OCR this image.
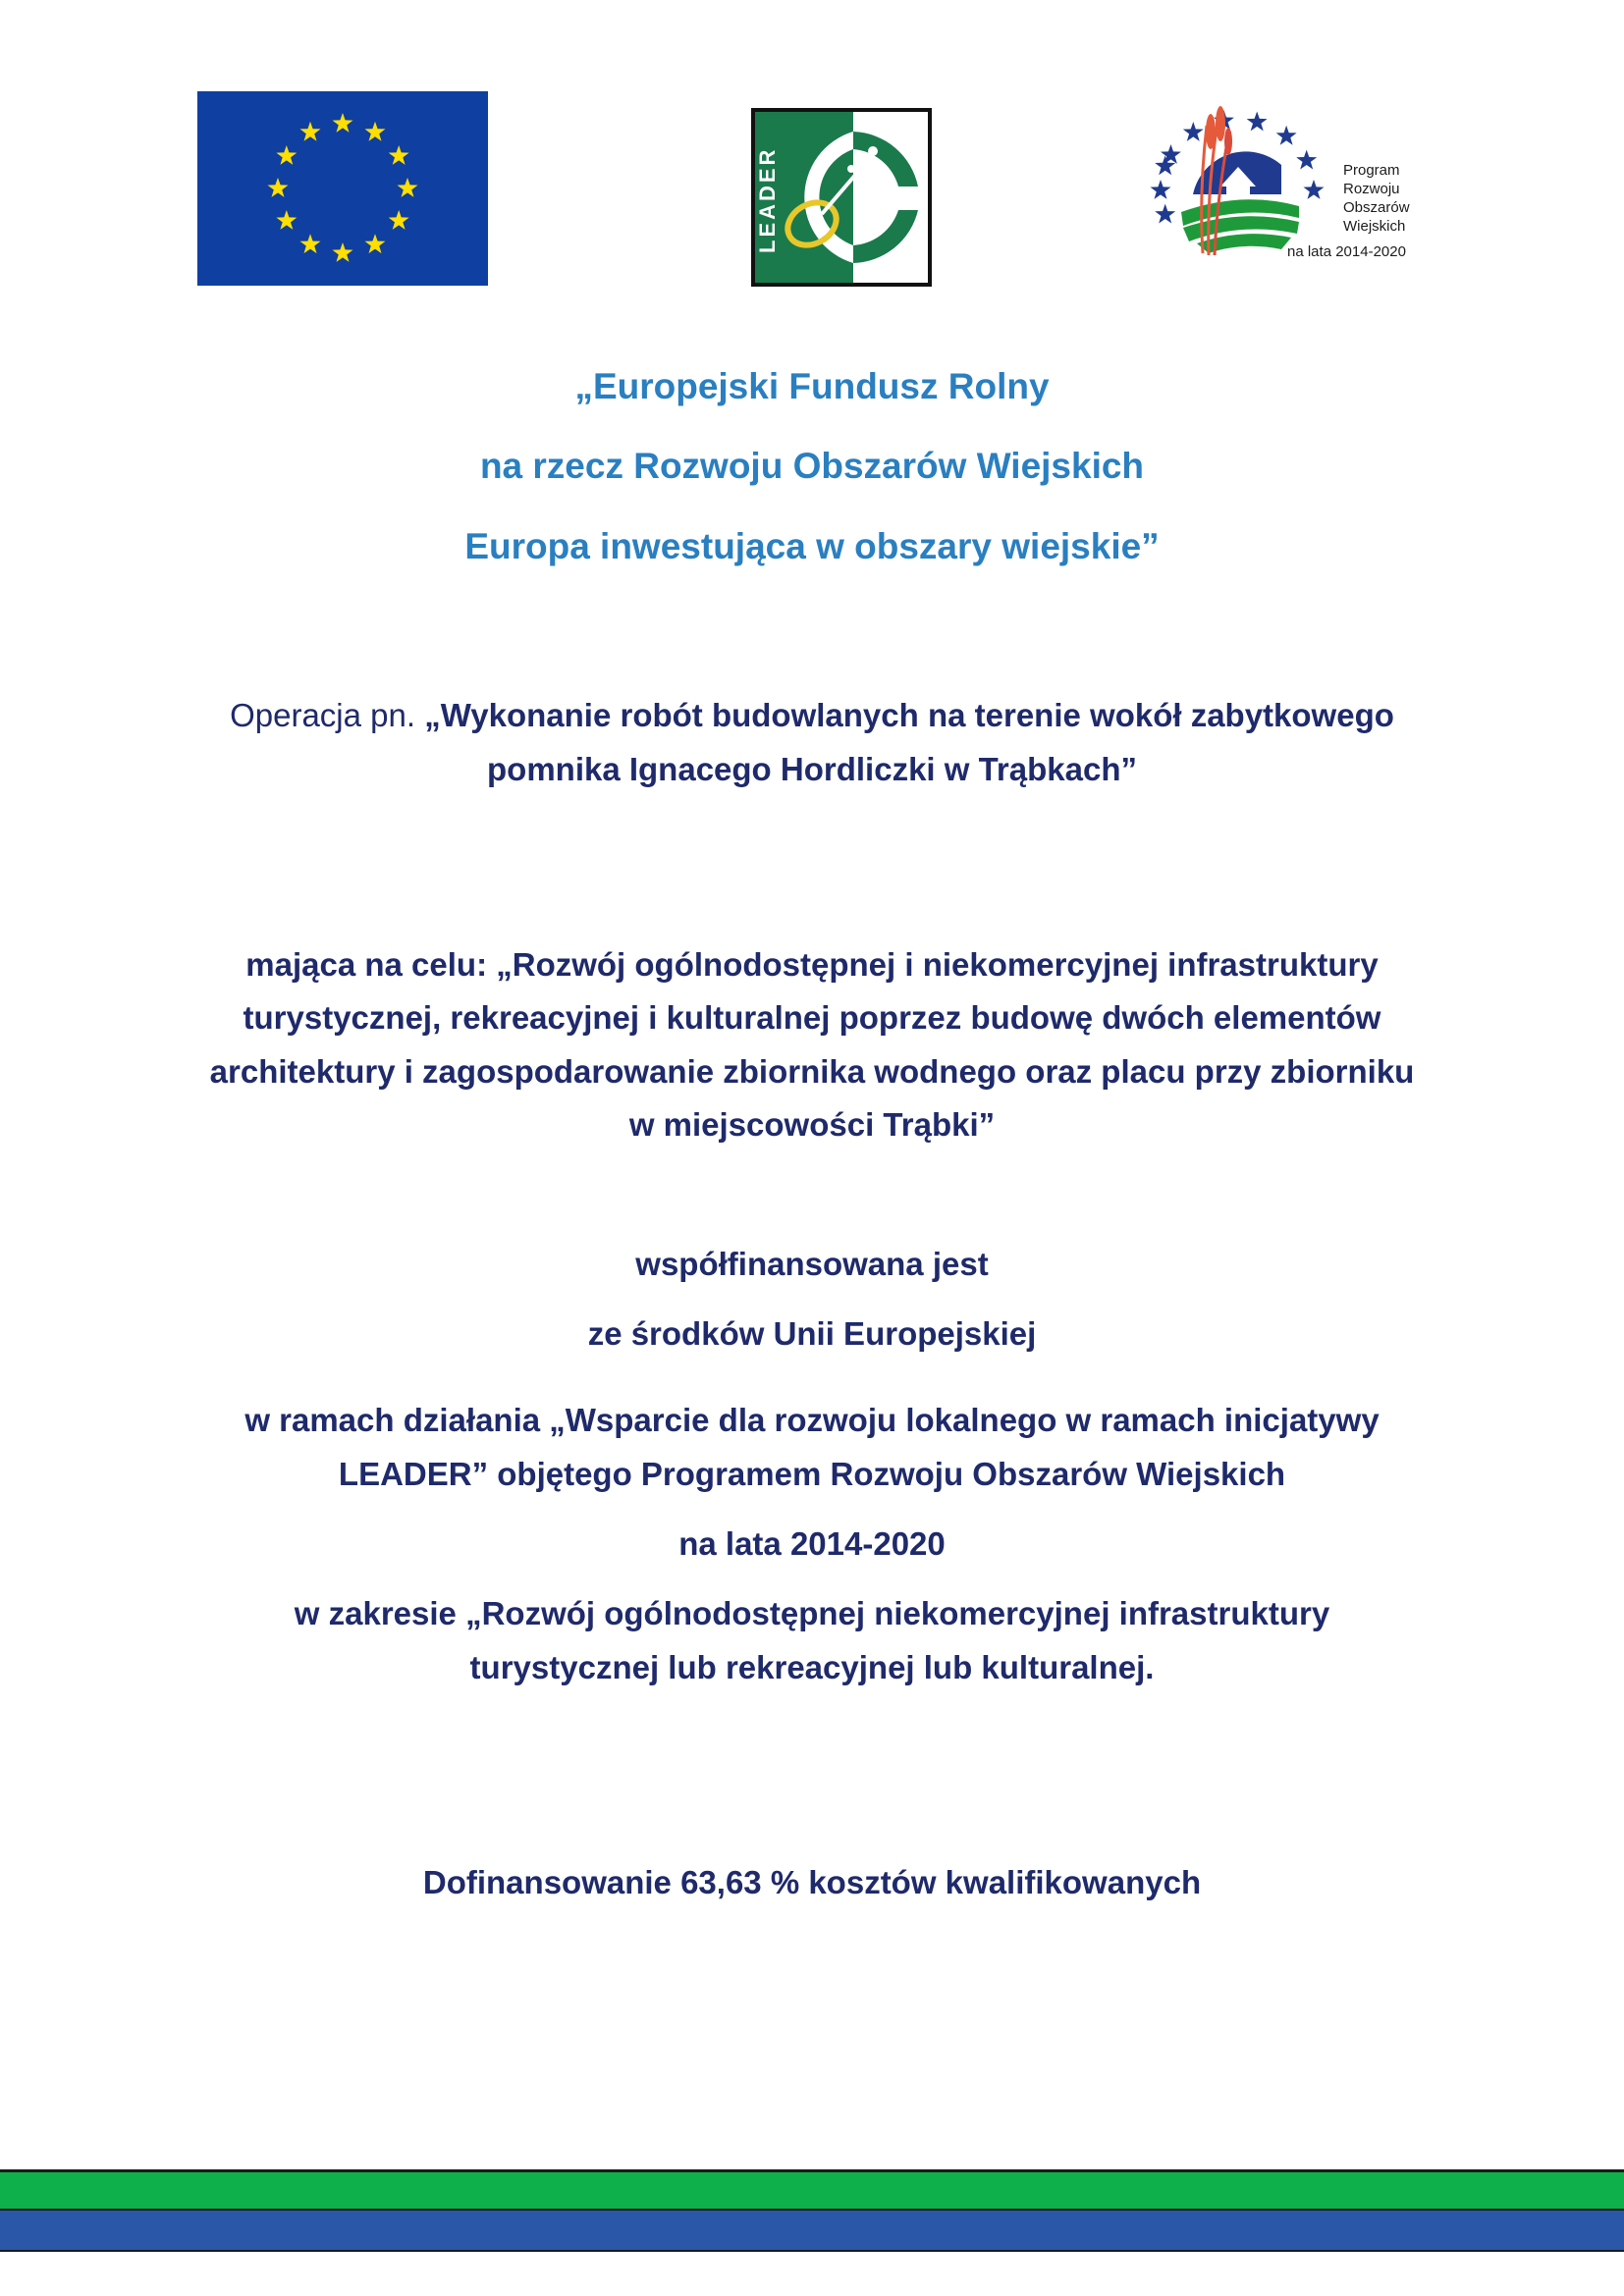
LEADER	Program
Rozwoju
Obszarów
Wiejskich
na lata 2014-2020
„Europejski Fundusz Rolny
na rzecz Rozwoju Obszarów Wiejskich
Europa inwestująca w obszary wiejskie”
Operacja pn. „Wykonanie robót budowlanych na terenie wokół zabytkowego
pomnika Ignacego Hordliczki w Trąbkach”
mająca na celu: „Rozwój ogólnodostępnej i niekomercyjnej infrastruktury
turystycznej, rekreacyjnej i kulturalnej poprzez budowę dwóch elementów
architektury i zagospodarowanie zbiornika wodnego oraz placu przy zbiorniku
w miejscowości Trąbki”
współfinansowana jest
ze środków Unii Europejskiej
w ramach działania „Wsparcie dla rozwoju lokalnego w ramach inicjatywy
LEADER” objętego Programem Rozwoju Obszarów Wiejskich
na lata 2014-2020
w zakresie „Rozwój ogólnodostępnej niekomercyjnej infrastruktury
turystycznej lub rekreacyjnej lub kulturalnej.
Dofinansowanie 63,63 % kosztów kwalifikowanych
